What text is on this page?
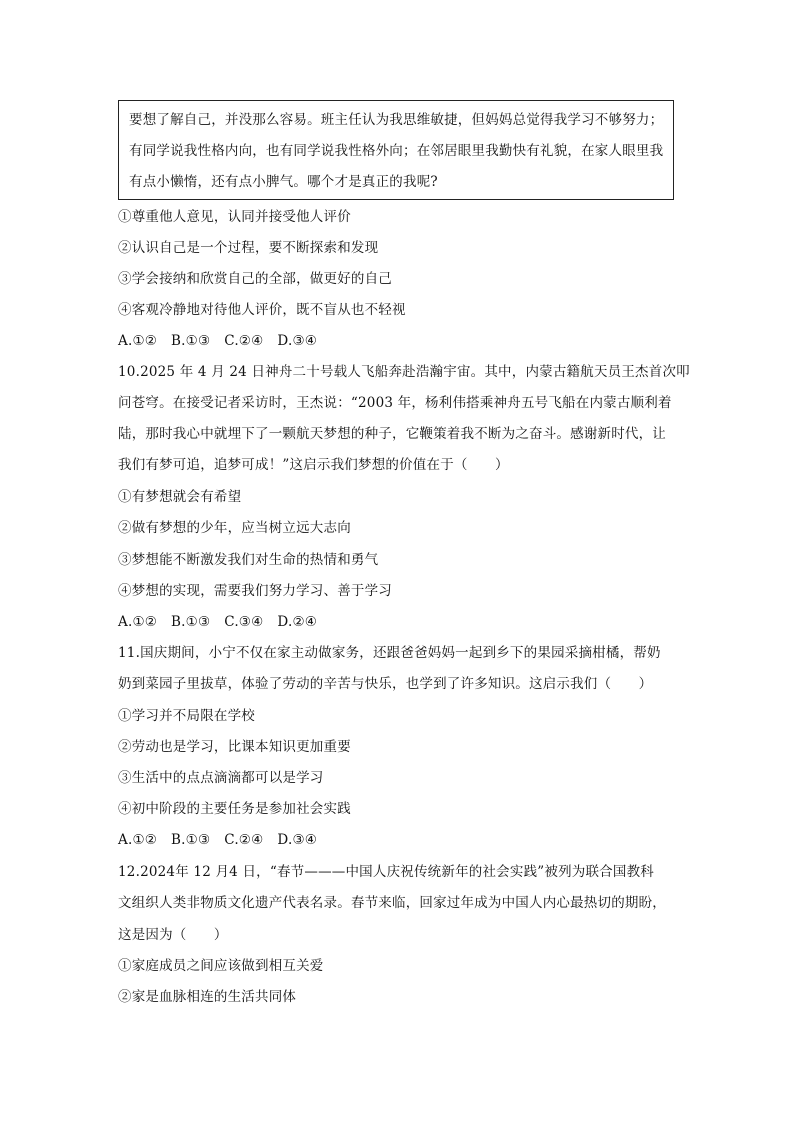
要想了解自己，并没那么容易。班主任认为我思维敏捷，但妈妈总觉得我学习不够努力；

有同学说我性格内向，也有同学说我性格外向；在邻居眼里我勤快有礼貌，在家人眼里我

有点小懒惰，还有点小脾气。哪个才是真正的我呢?

①尊重他人意见，认同并接受他人评价

②认识自己是一个过程，要不断探索和发现

③学会接纳和欣赏自己的全部，做更好的自己

④客观冷静地对待他人评价，既不盲从也不轻视

A.①② B.①③ C.②④ D.③④

10.2025 年 4 月 24 日神舟二十号载人飞船奔赴浩瀚宇宙。其中，内蒙古籍航天员王杰首次叩

问苍穹。在接受记者采访时，王杰说：“2003 年，杨利伟搭乘神舟五号飞船在内蒙古顺利着

陆，那时我心中就埋下了一颗航天梦想的种子，它鞭策着我不断为之奋斗。感谢新时代，让

我们有梦可追，追梦可成！”这启示我们梦想的价值在于（　　）

①有梦想就会有希望

②做有梦想的少年，应当树立远大志向

③梦想能不断激发我们对生命的热情和勇气

④梦想的实现，需要我们努力学习、善于学习

A.①② B.①③ C.③④ D.②④

11.国庆期间，小宁不仅在家主动做家务，还跟爸爸妈妈一起到乡下的果园采摘柑橘，帮奶

奶到菜园子里拔草，体验了劳动的辛苦与快乐，也学到了许多知识。这启示我们（　　）

①学习并不局限在学校

②劳动也是学习，比课本知识更加重要

③生活中的点点滴滴都可以是学习

④初中阶段的主要任务是参加社会实践

A.①② B.①③ C.②④ D.③④

12.2024年 12 月4 日，“春节———中国人庆祝传统新年的社会实践”被列为联合国教科

文组织人类非物质文化遗产代表名录。春节来临，回家过年成为中国人内心最热切的期盼，

这是因为（　　）

①家庭成员之间应该做到相互关爱

②家是血脉相连的生活共同体
